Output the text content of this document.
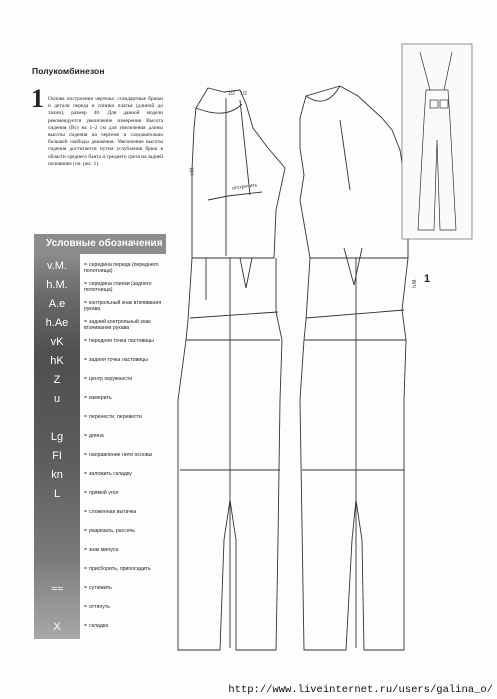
Полукомбинезон
1 Основа построения чертежа: стандартные брюки и детали переда и спинки платья (длиной до талии), размер 40. Для данной модели рекомендуется увеличение измерения Высота сидения (Вс) на 1–2 см для увеличения длины высоты сидения на чертеже и следовательно большей свободы движения. Увеличение высоты сидения достигается путем углубления брюк в области среднего банта и среднего среза на задней половинке (см. рис. 1).
Условные обозначения
v.M.	= середина переда (переднего полотнища)
h.M.	= середина спинки (заднего полотнища)
A.e	= контрольный знак втачивания рукава
h.Ae	= задний контрольный знак втачивания рукава
vK	= передняя точка ластовицы
hK	= задняя точка ластовицы
Z	= центр окружности
u	= измерить
= перенести, перевести
Lg	= длина
FI	= направление нити основы
kn	= заложить складку
L	= прямой угол
= сложенная вытачка
= разрезать, рассечь
= знак минуса
= присборить, припосадить
≈≈	= сутюжить
= оттянуть
X	= складка
1/2 1/2
v.M.
h.M.
отстрочить
1
http://www.liveinternet.ru/users/galina_o/
